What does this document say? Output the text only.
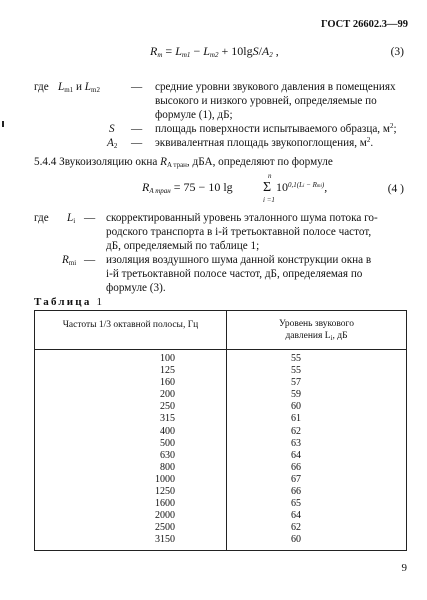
ГОСТ 26602.3—99
Rm = Lm1 − Lm2 + 10lgS/A2 ,	(3)
где Lm1 и Lm2	— средние уровни звукового давления в помещениях
высокого и низкого уровней, определяемые по
формуле (1), дБ;
S — площадь поверхности испытываемого образца, $м^2$;
A2 — эквивалентная площадь звукопоглощения, $м^2$.
5.4.4 Звукоизоляцию окна RA тран, дБА, определяют по формуле
RA тран = 75 − 10 lg
n
Σ
i =1
$10^{0,1(Li - Rmi)}$,	(4 )
где Li — скорректированный уровень эталонного шума потока го-
родского транспорта в i-й третьоктавной полосе частот,
дБ, определяемый по таблице 1;
Rmi — изоляция воздушного шума данной конструкции окна в
i-й третьоктавной полосе частот, дБ, определяемая по
формуле (3).
Таблица 1
Частоты 1/3 октавной полосы, Гц	Уровень звукового
давления $L_i$, дБ
100	55
125	55
160	57
200	59
250	60
315	61
400	62
500	63
630	64
800	66
1000	67
1250	66
1600	65
2000	64
2500	62
3150	60
9
